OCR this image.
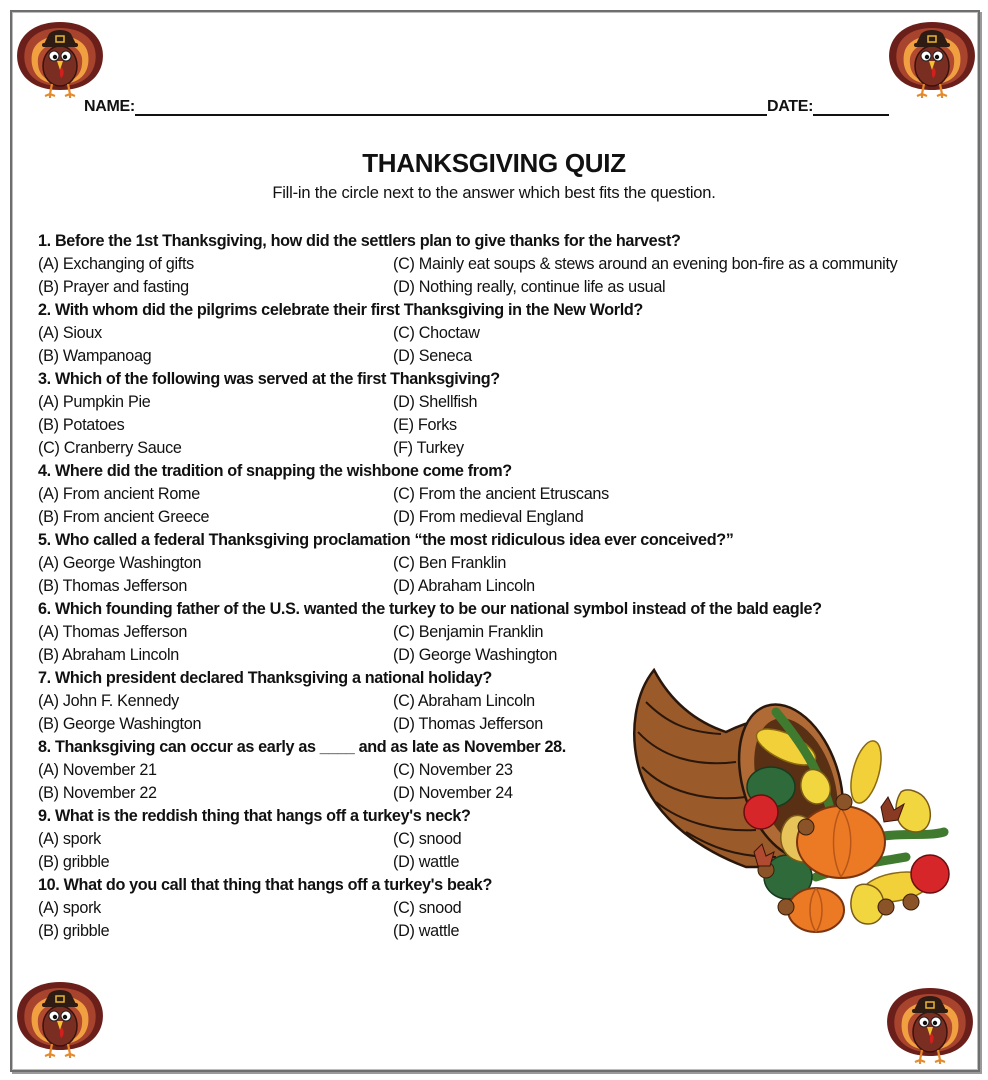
NAME:	DATE:
THANKSGIVING QUIZ
Fill-in the circle next to the answer which best fits the question.
1. Before the 1st Thanksgiving, how did the settlers plan to give thanks for the harvest?
(A) Exchanging of gifts	(C) Mainly eat soups & stews around an evening bon-fire as a community
(B) Prayer and fasting	(D) Nothing really, continue life as usual
2. With whom did the pilgrims celebrate their first Thanksgiving in the New World?
(A) Sioux	(C) Choctaw
(B) Wampanoag	(D) Seneca
3. Which of the following was served at the first Thanksgiving?
(A) Pumpkin Pie	(D) Shellfish
(B) Potatoes	(E) Forks
(C) Cranberry Sauce	(F) Turkey
4. Where did the tradition of snapping the wishbone come from?
(A) From ancient Rome	(C) From the ancient Etruscans
(B) From ancient Greece	(D) From medieval England
5. Who called a federal Thanksgiving proclamation “the most ridiculous idea ever conceived?”
(A) George Washington	(C) Ben Franklin
(B) Thomas Jefferson	(D) Abraham Lincoln
6. Which founding father of the U.S. wanted the turkey to be our national symbol instead of the bald eagle?
(A) Thomas Jefferson	(C) Benjamin Franklin
(B) Abraham Lincoln	(D) George Washington
7. Which president declared Thanksgiving a national holiday?
(A) John F. Kennedy	(C) Abraham Lincoln
(B) George Washington	(D) Thomas Jefferson
8. Thanksgiving can occur as early as ____ and as late as November 28.
(A) November 21	(C) November 23
(B) November 22	(D) November 24
9. What is the reddish thing that hangs off a turkey's neck?
(A) spork	(C) snood
(B) gribble	(D) wattle
10. What do you call that thing that hangs off a turkey's beak?
(A) spork	(C) snood
(B) gribble	(D) wattle
